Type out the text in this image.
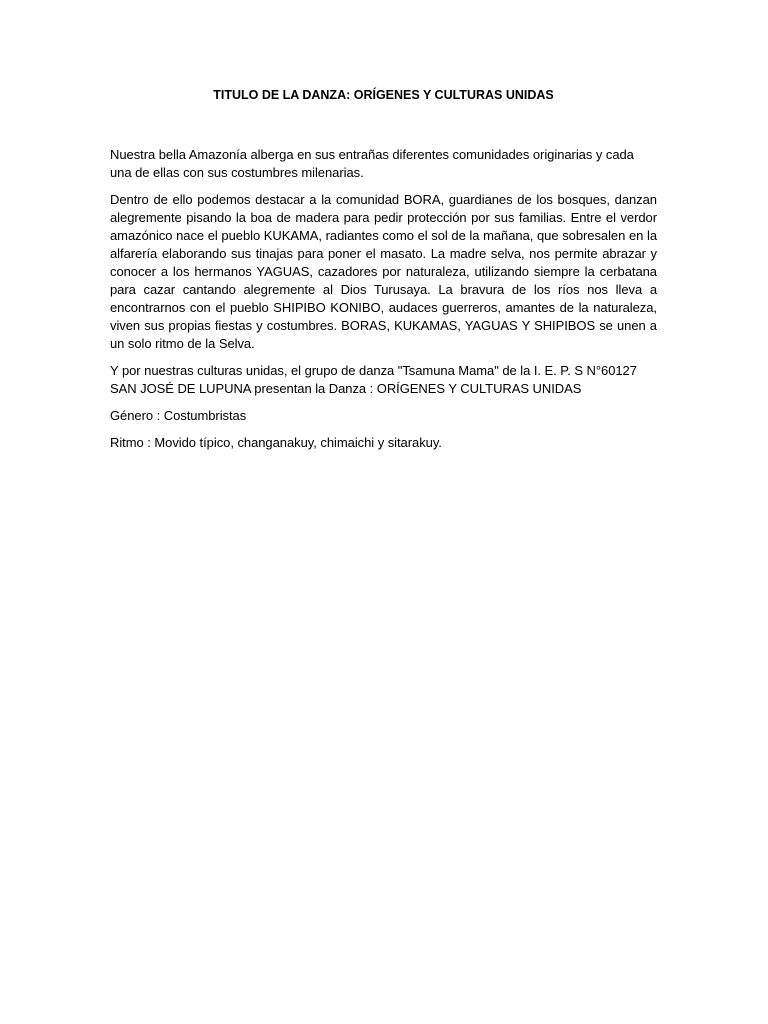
TITULO DE LA DANZA: ORÍGENES Y CULTURAS UNIDAS

Nuestra bella Amazonía alberga en sus entrañas diferentes comunidades originarias y cada una de ellas con sus costumbres milenarias.

Dentro de ello podemos destacar a la comunidad BORA, guardianes de los bosques, danzan alegremente pisando la boa de madera para pedir protección por sus familias. Entre el verdor amazónico nace el pueblo KUKAMA, radiantes como el sol de la mañana, que sobresalen en la alfarería elaborando sus tinajas para poner el masato. La madre selva, nos permite abrazar y conocer a los hermanos YAGUAS, cazadores por naturaleza, utilizando siempre la cerbatana para cazar cantando alegremente al Dios Turusaya. La bravura de los ríos nos lleva a encontrarnos con el pueblo SHIPIBO KONIBO, audaces guerreros, amantes de la naturaleza, viven sus propias fiestas y costumbres. BORAS, KUKAMAS, YAGUAS Y SHIPIBOS se unen a un solo ritmo de la Selva.

Y por nuestras culturas unidas, el grupo de danza "Tsamuna Mama" de la I. E. P. S N°60127 SAN JOSÉ DE LUPUNA presentan la Danza : ORÍGENES Y CULTURAS UNIDAS

Género : Costumbristas

Ritmo : Movido típico, changanakuy, chimaichi y sitarakuy.
